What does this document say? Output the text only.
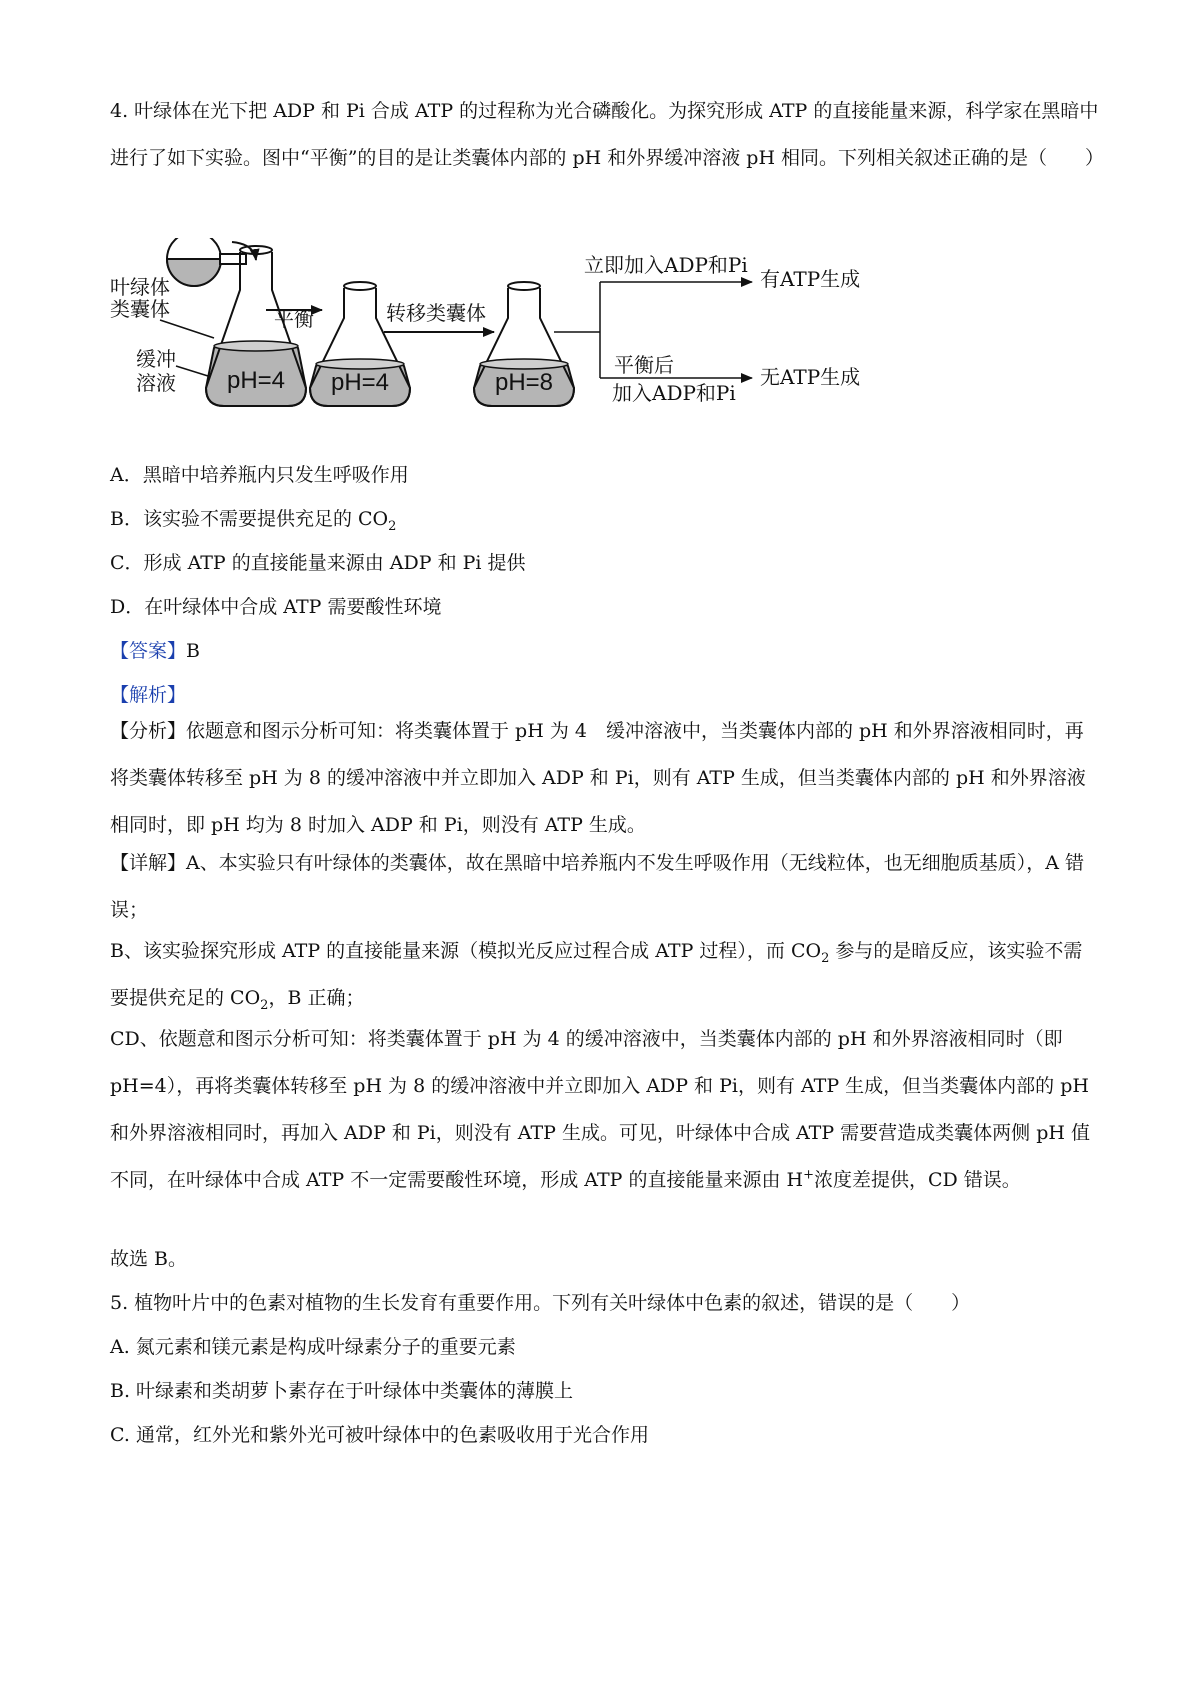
4. 叶绿体在光下把 ADP 和 Pi 合成 ATP 的过程称为光合磷酸化。为探究形成 ATP 的直接能量来源，科学家在黑暗中进行了如下实验。图中“平衡”的目的是让类囊体内部的 pH 和外界缓冲溶液 pH 相同。下列相关叙述正确的是（　　）

叶绿体
类囊体
缓冲
溶液 pH=4
平衡
pH=4
转移类囊体
pH=8
立即加入ADP和Pi
有ATP生成
平衡后
加入ADP和Pi
无ATP生成
A．黑暗中培养瓶内只发生呼吸作用
B．该实验不需要提供充足的 $CO_2$
C．形成 ATP 的直接能量来源由 ADP 和 Pi 提供
D．在叶绿体中合成 ATP 需要酸性环境
【答案】B
【解析】

【分析】依题意和图示分析可知：将类囊体置于 pH 为 4　缓冲溶液中，当类囊体内部的 pH 和外界溶液相同时，再将类囊体转移至 pH 为 8 的缓冲溶液中并立即加入 ADP 和 Pi，则有 ATP 生成，但当类囊体内部的 pH 和外界溶液相同时，即 pH 均为 8 时加入 ADP 和 Pi，则没有 ATP 生成。

【详解】A、本实验只有叶绿体的类囊体，故在黑暗中培养瓶内不发生呼吸作用（无线粒体，也无细胞质基质），A 错误；

B、该实验探究形成 ATP 的直接能量来源（模拟光反应过程合成 ATP 过程），而 $CO_2$ 参与的是暗反应，该实验不需要提供充足的 $CO_2$，B 正确；

CD、依题意和图示分析可知：将类囊体置于 pH 为 4 的缓冲溶液中，当类囊体内部的 pH 和外界溶液相同时（即 pH=4），再将类囊体转移至 pH 为 8 的缓冲溶液中并立即加入 ADP 和 Pi，则有 ATP 生成，但当类囊体内部的 pH 和外界溶液相同时，再加入 ADP 和 Pi，则没有 ATP 生成。可见，叶绿体中合成 ATP 需要营造成类囊体两侧 pH 值不同，在叶绿体中合成 ATP 不一定需要酸性环境，形成 ATP 的直接能量来源由 H+浓度差提供，CD 错误。

故选 B。
5. 植物叶片中的色素对植物的生长发育有重要作用。下列有关叶绿体中色素的叙述，错误的是（　　）
A. 氮元素和镁元素是构成叶绿素分子的重要元素
B. 叶绿素和类胡萝卜素存在于叶绿体中类囊体的薄膜上
C. 通常，红外光和紫外光可被叶绿体中的色素吸收用于光合作用
